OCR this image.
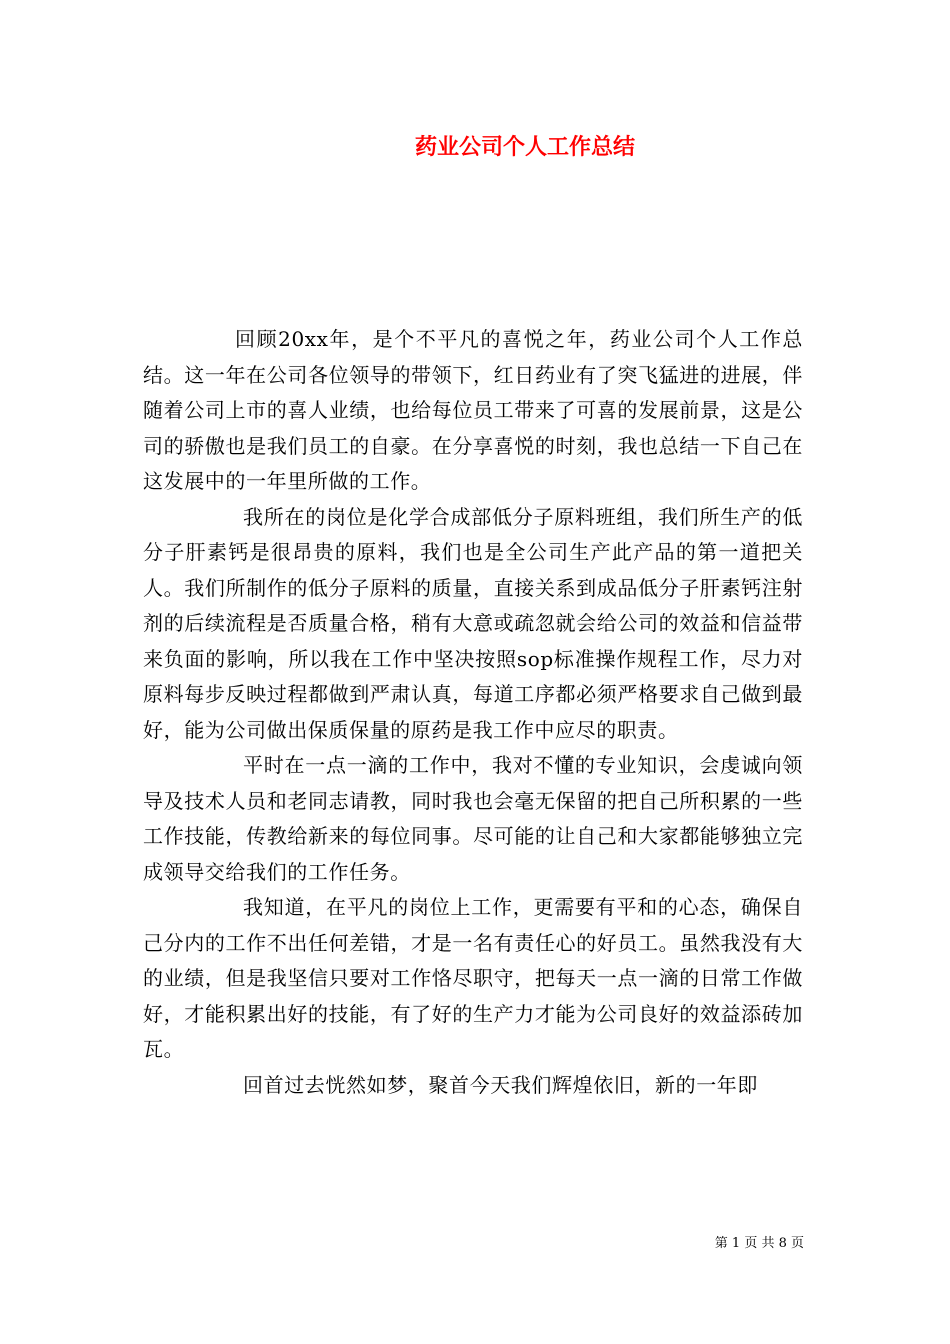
药业公司个人工作总结

回顾20xx年，是个不平凡的喜悦之年，药业公司个人工作总结。这一年在公司各位领导的带领下，红日药业有了突飞猛进的进展，伴随着公司上市的喜人业绩，也给每位员工带来了可喜的发展前景，这是公司的骄傲也是我们员工的自豪。在分享喜悦的时刻，我也总结一下自己在这发展中的一年里所做的工作。

我所在的岗位是化学合成部低分子原料班组，我们所生产的低分子肝素钙是很昂贵的原料，我们也是全公司生产此产品的第一道把关人。我们所制作的低分子原料的质量，直接关系到成品低分子肝素钙注射剂的后续流程是否质量合格，稍有大意或疏忽就会给公司的效益和信益带来负面的影响，所以我在工作中坚决按照sop标准操作规程工作，尽力对原料每步反映过程都做到严肃认真，每道工序都必须严格要求自己做到最好，能为公司做出保质保量的原药是我工作中应尽的职责。

平时在一点一滴的工作中，我对不懂的专业知识，会虔诚向领导及技术人员和老同志请教，同时我也会毫无保留的把自己所积累的一些工作技能，传教给新来的每位同事。尽可能的让自己和大家都能够独立完成领导交给我们的工作任务。

我知道，在平凡的岗位上工作，更需要有平和的心态，确保自己分内的工作不出任何差错，才是一名有责任心的好员工。虽然我没有大的业绩，但是我坚信只要对工作恪尽职守，把每天一点一滴的日常工作做好，才能积累出好的技能，有了好的生产力才能为公司良好的效益添砖加瓦。

回首过去恍然如梦，聚首今天我们辉煌依旧，新的一年即

第 1 页 共 8 页
